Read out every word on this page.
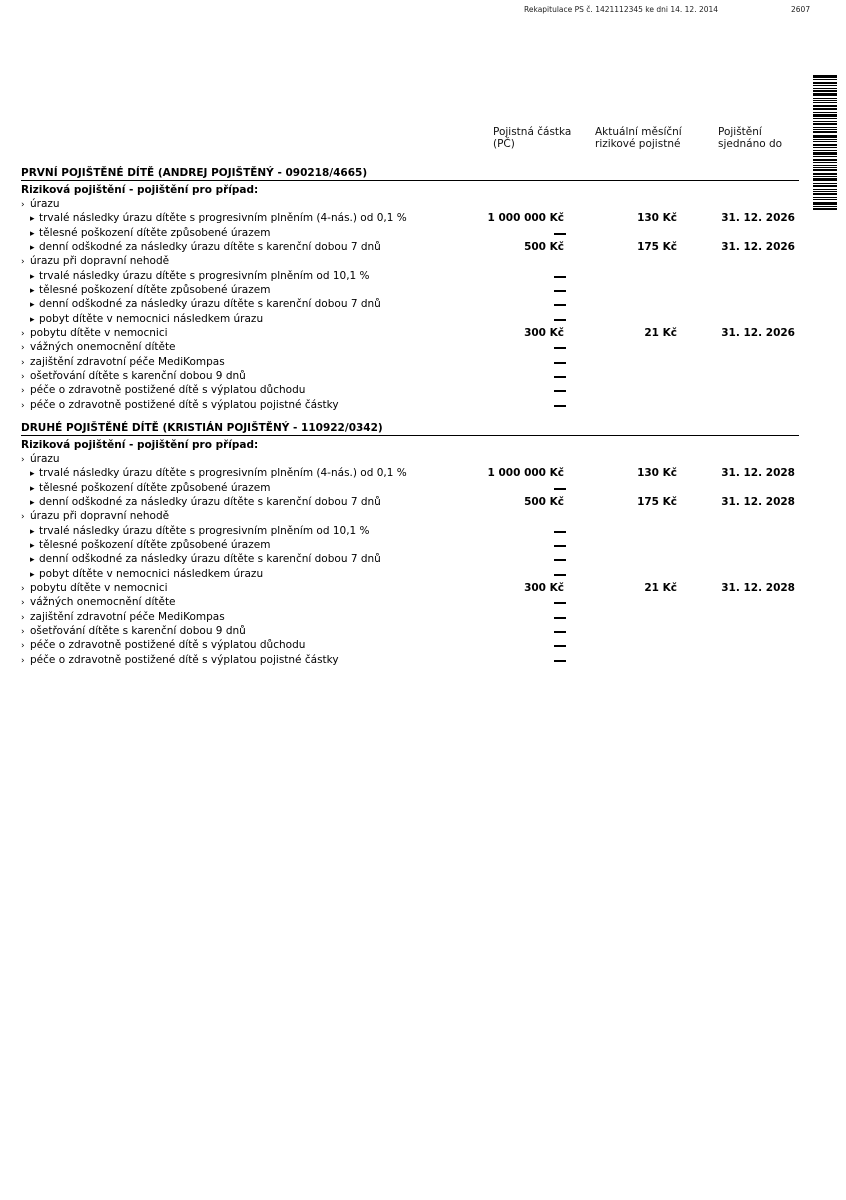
Rekapitulace PS č. 1421112345 ke dni 14. 12. 2014	2607
Pojistná částka
(PČ)
Aktuální měsíční
rizikové pojistné
Pojištění
sjednáno do
PRVNÍ POJIŠTĚNÉ DÍTĚ (ANDREJ POJIŠTĚNÝ - 090218/4665)
Riziková pojištění - pojištění pro případ:
› úrazu
▸ trvalé následky úrazu dítěte s progresivním plněním (4-nás.) od 0,1 %	1 000 000 Kč	130 Kč	31. 12. 2026
▸ tělesné poškození dítěte způsobené úrazem
▸ denní odškodné za následky úrazu dítěte s karenční dobou 7 dnů	500 Kč	175 Kč	31. 12. 2026
› úrazu při dopravní nehodě
▸ trvalé následky úrazu dítěte s progresivním plněním od 10,1 %
▸ tělesné poškození dítěte způsobené úrazem
▸ denní odškodné za následky úrazu dítěte s karenční dobou 7 dnů
▸ pobyt dítěte v nemocnici následkem úrazu
› pobytu dítěte v nemocnici	300 Kč	21 Kč	31. 12. 2026
› vážných onemocnění dítěte
› zajištění zdravotní péče MediKompas
› ošetřování dítěte s karenční dobou 9 dnů
› péče o zdravotně postižené dítě s výplatou důchodu
› péče o zdravotně postižené dítě s výplatou pojistné částky
DRUHÉ POJIŠTĚNÉ DÍTĚ (KRISTIÁN POJIŠTĚNÝ - 110922/0342)
Riziková pojištění - pojištění pro případ:
› úrazu
▸ trvalé následky úrazu dítěte s progresivním plněním (4-nás.) od 0,1 %	1 000 000 Kč	130 Kč	31. 12. 2028
▸ tělesné poškození dítěte způsobené úrazem
▸ denní odškodné za následky úrazu dítěte s karenční dobou 7 dnů	500 Kč	175 Kč	31. 12. 2028
› úrazu při dopravní nehodě
▸ trvalé následky úrazu dítěte s progresivním plněním od 10,1 %
▸ tělesné poškození dítěte způsobené úrazem
▸ denní odškodné za následky úrazu dítěte s karenční dobou 7 dnů
▸ pobyt dítěte v nemocnici následkem úrazu
› pobytu dítěte v nemocnici	300 Kč	21 Kč	31. 12. 2028
› vážných onemocnění dítěte
› zajištění zdravotní péče MediKompas
› ošetřování dítěte s karenční dobou 9 dnů
› péče o zdravotně postižené dítě s výplatou důchodu
› péče o zdravotně postižené dítě s výplatou pojistné částky
